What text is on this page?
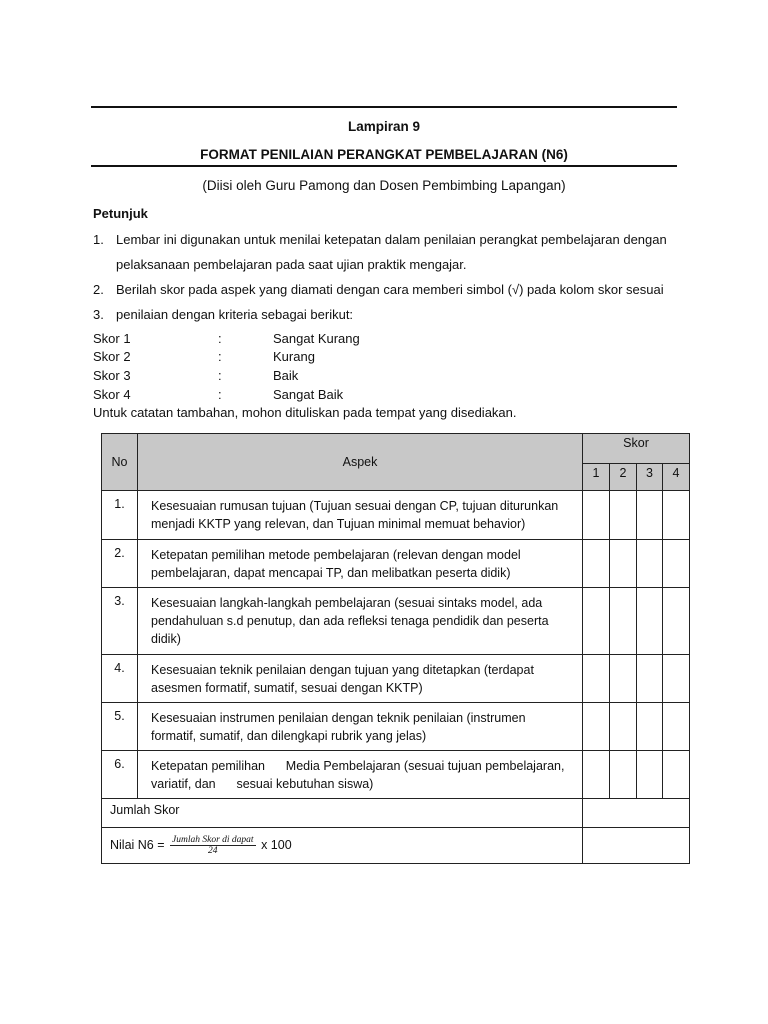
Lampiran 9
FORMAT PENILAIAN PERANGKAT PEMBELAJARAN (N6)
(Diisi oleh Guru Pamong dan Dosen Pembimbing Lapangan)
Petunjuk
1. Lembar ini digunakan untuk menilai ketepatan dalam penilaian perangkat pembelajaran dengan
pelaksanaan pembelajaran pada saat ujian praktik mengajar.
2. Berilah skor pada aspek yang diamati dengan cara memberi simbol (√) pada kolom skor sesuai
3. penilaian dengan kriteria sebagai berikut:
Skor 1	:	Sangat Kurang
Skor 2	:	Kurang
Skor 3	:	Baik
Skor 4	:	Sangat Baik
Untuk catatan tambahan, mohon dituliskan pada tempat yang disediakan.
No	Aspek	Skor			
		1	2	3	4
1.	Kesesuaian rumusan tujuan (Tujuan sesuai dengan CP, tujuan diturunkan menjadi KKTP yang relevan, dan Tujuan minimal memuat behavior)				
2.	Ketepatan pemilihan metode pembelajaran (relevan dengan model pembelajaran, dapat mencapai TP, dan melibatkan peserta didik)				
3.	Kesesuaian langkah-langkah pembelajaran (sesuai sintaks model, ada pendahuluan s.d penutup, dan ada refleksi tenaga pendidik dan peserta didik)				
4.	Kesesuaian teknik penilaian dengan tujuan yang ditetapkan (terdapat asesmen formatif, sumatif, sesuai dengan KKTP)				
5.	Kesesuaian instrumen penilaian dengan teknik penilaian (instrumen formatif, sumatif, dan dilengkapi rubrik yang jelas)				
6.	Ketepatan pemilihan      Media Pembelajaran (sesuai tujuan pembelajaran, variatif, dan      sesuai kebutuhan siswa)				
Jumlah Skor					
Nilai $N6 = \frac{\text{Jumlah Skor di dapat}}{24}$ x 100					
